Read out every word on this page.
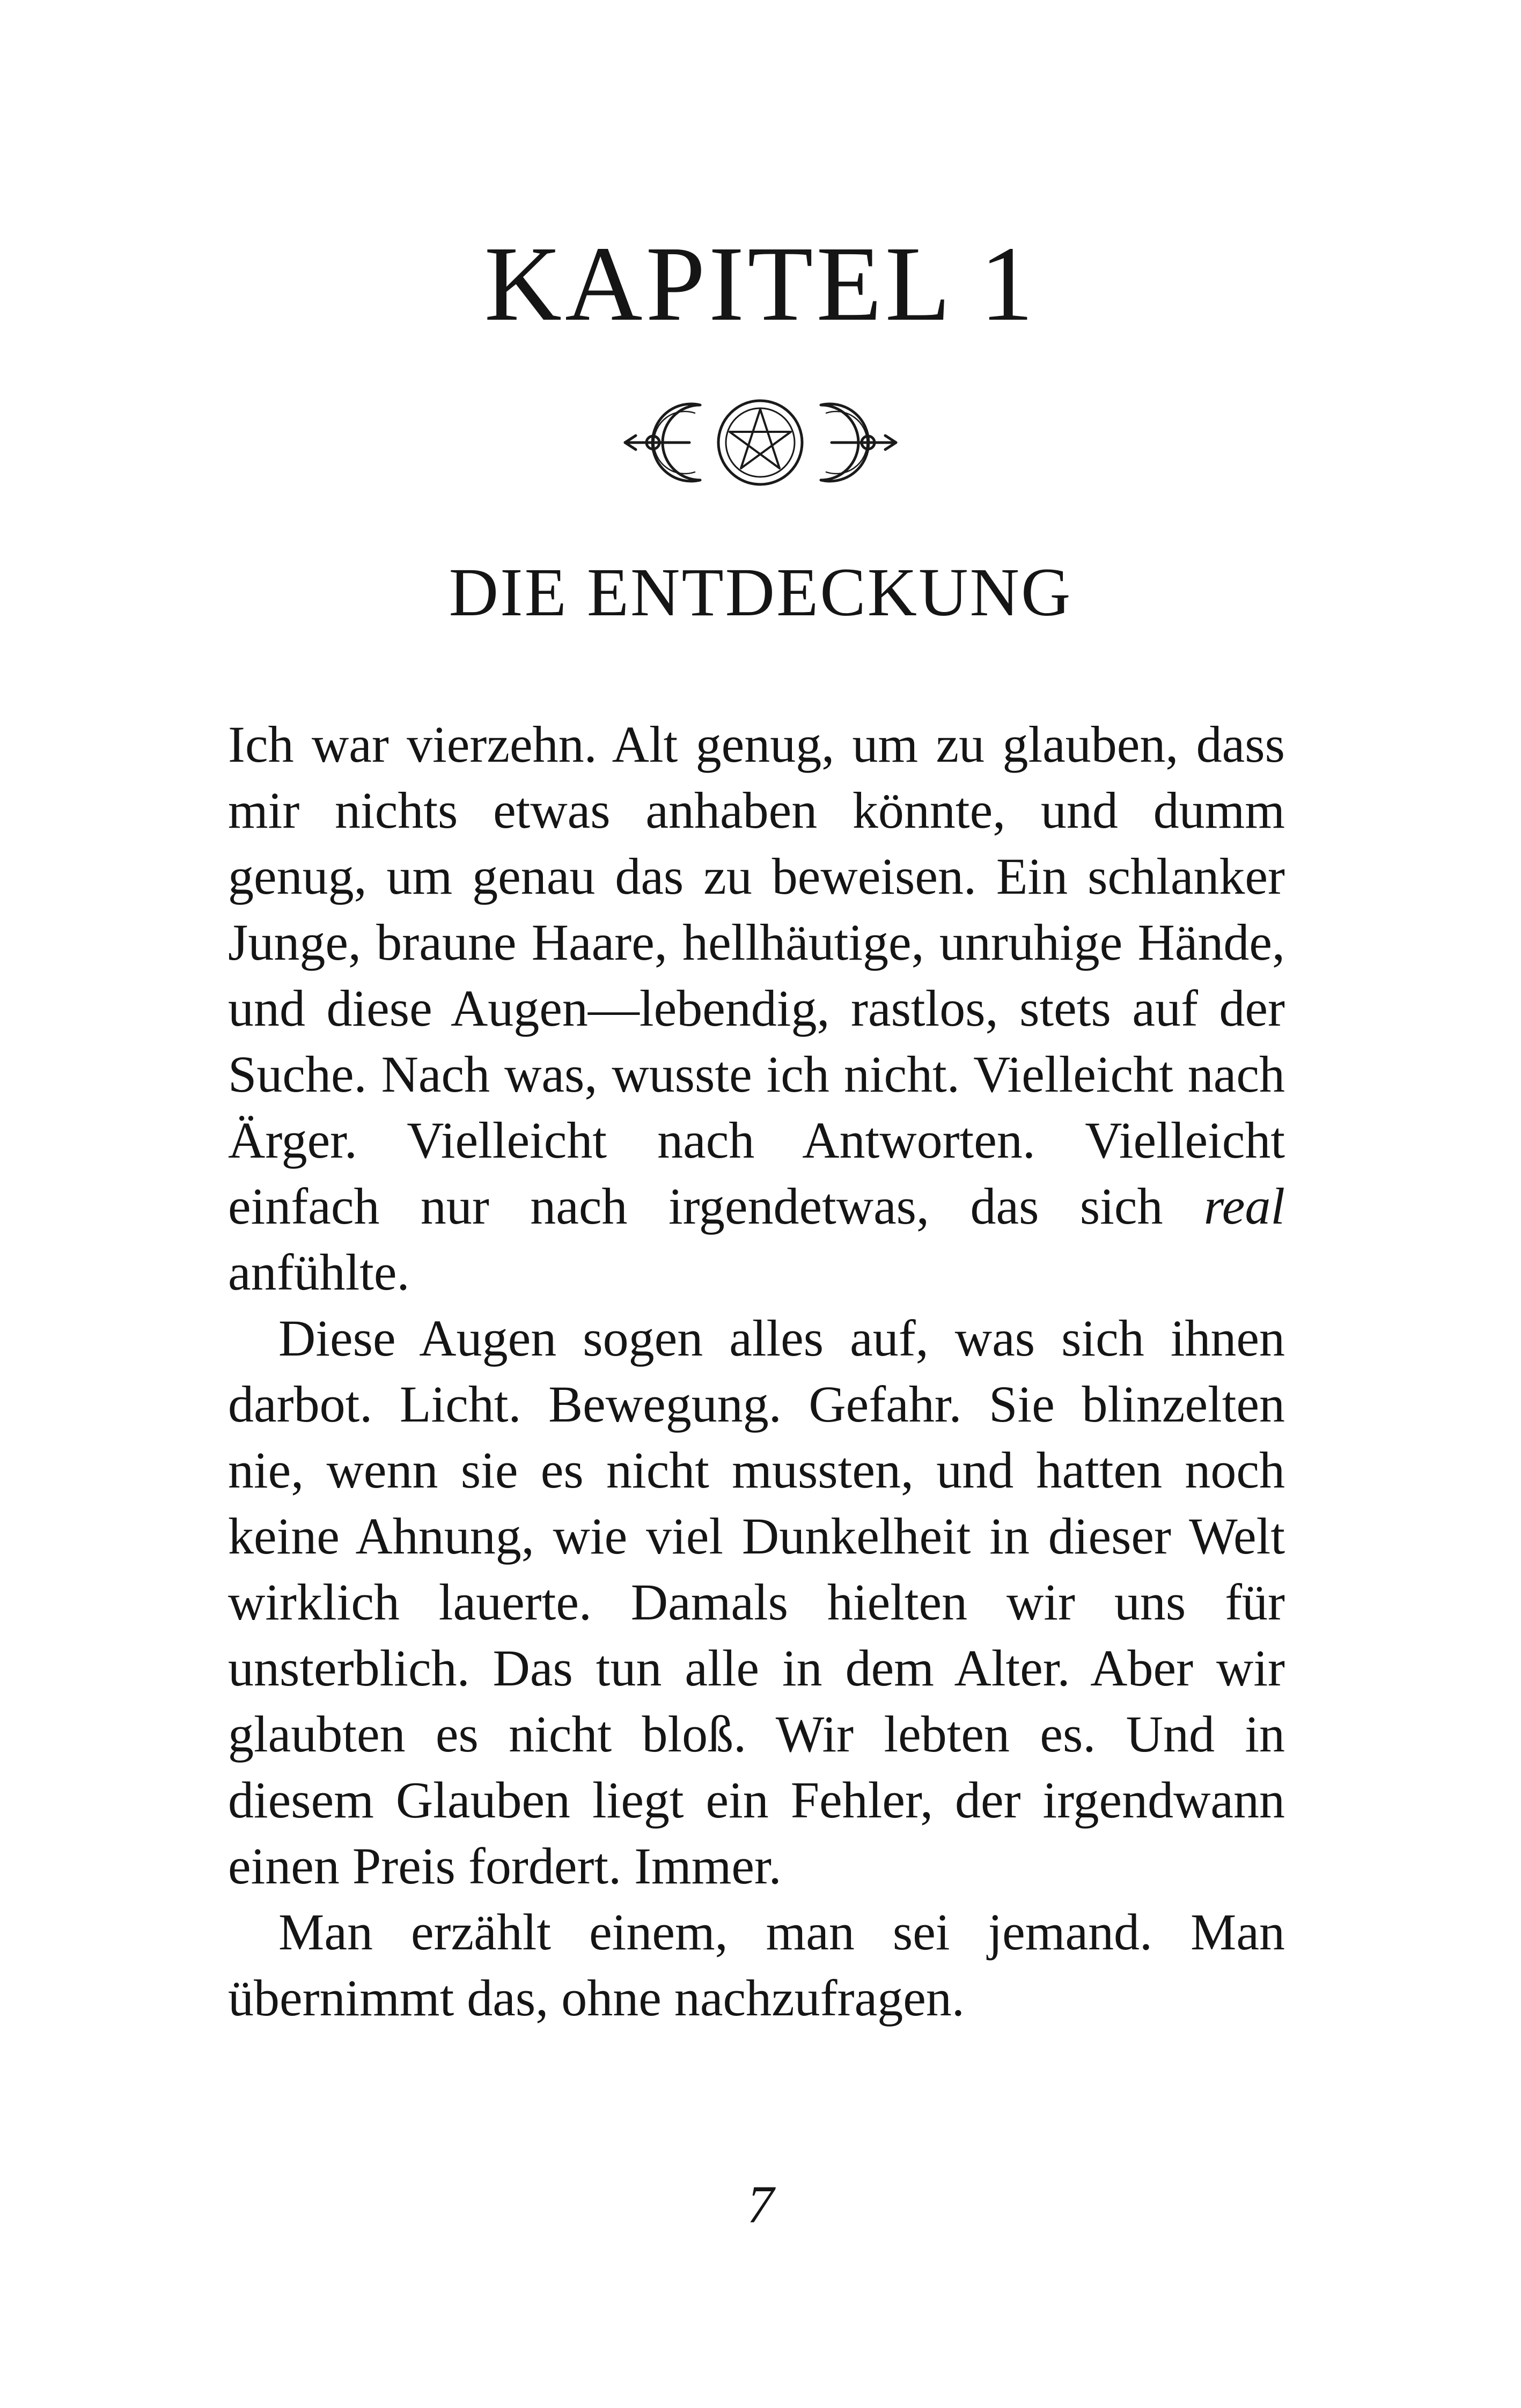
KAPITEL 1
DIE ENTDECKUNG

Ich war vierzehn. Alt genug, um zu glauben, dass mir nichts etwas anhaben könnte, und dumm genug, um genau das zu beweisen. Ein schlanker Junge, braune Haare, hellhäutige, unruhige Hände, und diese Augen—lebendig, rastlos, stets auf der Suche. Nach was, wusste ich nicht. Vielleicht nach Ärger. Vielleicht nach Antworten. Vielleicht einfach nur nach irgendetwas, das sich real anfühlte.

Diese Augen sogen alles auf, was sich ihnen darbot. Licht. Bewegung. Gefahr. Sie blinzelten nie, wenn sie es nicht mussten, und hatten noch keine Ahnung, wie viel Dunkelheit in dieser Welt wirklich lauerte. Damals hielten wir uns für unsterblich. Das tun alle in dem Alter. Aber wir glaubten es nicht bloß. Wir lebten es. Und in diesem Glauben liegt ein Fehler, der irgendwann einen Preis fordert. Immer.

Man erzählt einem, man sei jemand. Man übernimmt das, ohne nachzufragen.

7
